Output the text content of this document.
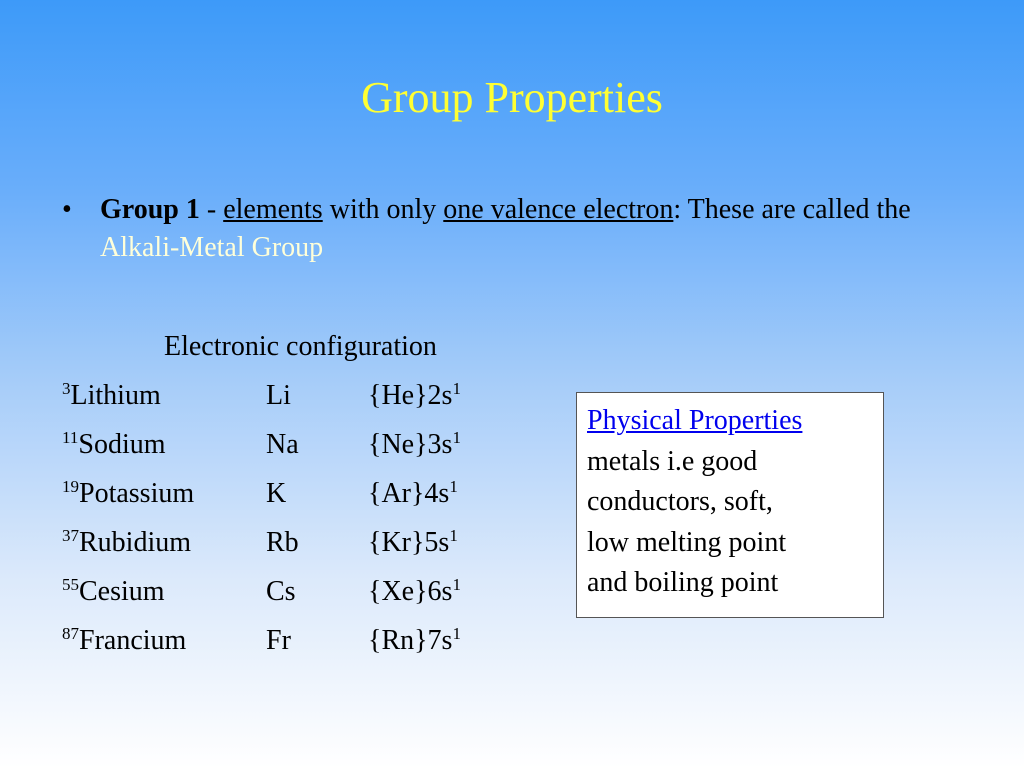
Group Properties
• Group 1 - elements with only one valence electron: These are called the Alkali-Metal Group
Electronic configuration
$^3$Lithium	Li	$\{He\}2s^1$
$^{11}$Sodium	Na	$\{Ne\}3s^1$
$^{19}$Potassium	K	$\{Ar\}4s^1$
$^{37}$Rubidium	Rb	$\{Kr\}5s^1$
$^{55}$Cesium	Cs	$\{Xe\}6s^1$
$^{87}$Francium	Fr	$\{Rn\}7s^1$
Physical Properties
metals i.e good
conductors, soft,
low melting point
and boiling point
